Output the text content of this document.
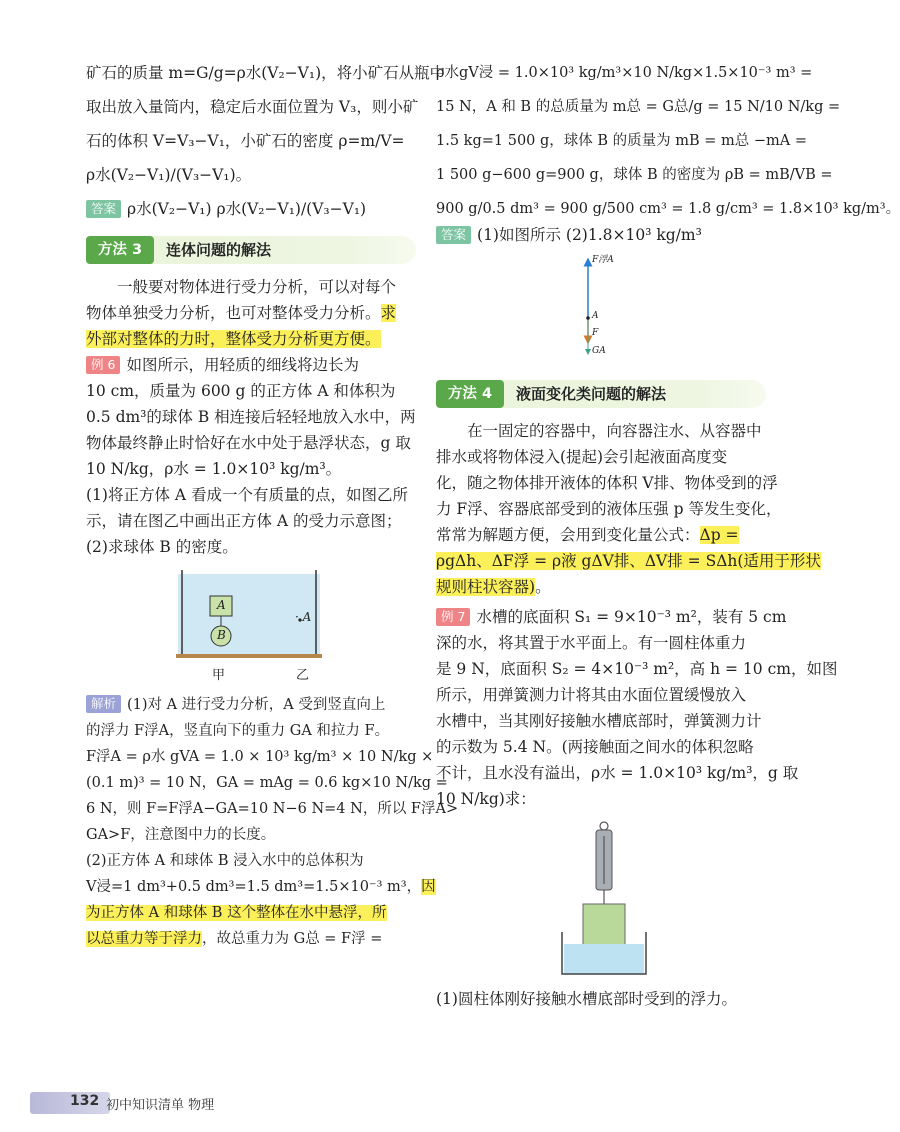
矿石的质量 m=G/g=ρ水(V₂−V₁)，将小矿石从瓶中

取出放入量筒内，稳定后水面位置为 V₃，则小矿

石的体积 V=V₃−V₁，小矿石的密度 ρ=m/V=

ρ水(V₂−V₁)/(V₃−V₁)。

答案 ρ水(V₂−V₁) ρ水(V₂−V₁)/(V₃−V₁)

方法 3	连体问题的解法

一般要对物体进行受力分析，可以对每个

物体单独受力分析，也可对整体受力分析。求

外部对整体的力时，整体受力分析更方便。

例 6 如图所示，用轻质的细线将边长为

10 cm，质量为 600 g 的正方体 A 和体积为

0.5 dm³的球体 B 相连接后轻轻地放入水中，两

物体最终静止时恰好在水中处于悬浮状态，g 取

10 N/kg，ρ水 = 1.0×10³ kg/m³。

(1)将正方体 A 看成一个有质量的点，如图乙所

示，请在图乙中画出正方体 A 的受力示意图；

(2)求球体 B 的密度。

A
B
· A
甲	乙

解析 (1)对 A 进行受力分析，A 受到竖直向上

的浮力 F浮A，竖直向下的重力 GA 和拉力 F。

F浮A = ρ水 gVA = 1.0 × 10³ kg/m³ × 10 N/kg ×

(0.1 m)³ = 10 N，GA = mAg = 0.6 kg×10 N/kg =

6 N，则 F=F浮A−GA=10 N−6 N=4 N，所以 F浮A>

GA>F，注意图中力的长度。

(2)正方体 A 和球体 B 浸入水中的总体积为

V浸=1 dm³+0.5 dm³=1.5 dm³=1.5×10⁻³ m³，因

为正方体 A 和球体 B 这个整体在水中悬浮，所

以总重力等于浮力，故总重力为 G总 = F浮 =

ρ水gV浸 = 1.0×10³ kg/m³×10 N/kg×1.5×10⁻³ m³ =

15 N，A 和 B 的总质量为 m总 = G总/g = 15 N/10 N/kg =

1.5 kg=1 500 g，球体 B 的质量为 mB = m总 −mA =

1 500 g−600 g=900 g，球体 B 的密度为 ρB = mB/VB =

900 g/0.5 dm³ = 900 g/500 cm³ = 1.8 g/cm³ = 1.8×10³ kg/m³。

答案 (1)如图所示 (2)1.8×10³ kg/m³

F浮A
A
F
GA
方法 4	液面变化类问题的解法

在一固定的容器中，向容器注水、从容器中

排水或将物体浸入(提起)会引起液面高度变

化，随之物体排开液体的体积 V排、物体受到的浮

力 F浮、容器底部受到的液体压强 p 等发生变化，

常常为解题方便，会用到变化量公式：Δp =

ρgΔh、ΔF浮 = ρ液 gΔV排、ΔV排 = SΔh(适用于形状

规则柱状容器)。

例 7 水槽的底面积 S₁ = 9×10⁻³ m²，装有 5 cm

深的水，将其置于水平面上。有一圆柱体重力

是 9 N，底面积 S₂ = 4×10⁻³ m²，高 h = 10 cm，如图

所示，用弹簧测力计将其由水面位置缓慢放入

水槽中，当其刚好接触水槽底部时，弹簧测力计

的示数为 5.4 N。(两接触面之间水的体积忽略

不计，且水没有溢出，ρ水 = 1.0×10³ kg/m³，g 取

10 N/kg)求：

(1)圆柱体刚好接触水槽底部时受到的浮力。

132 初中知识清单 物理
